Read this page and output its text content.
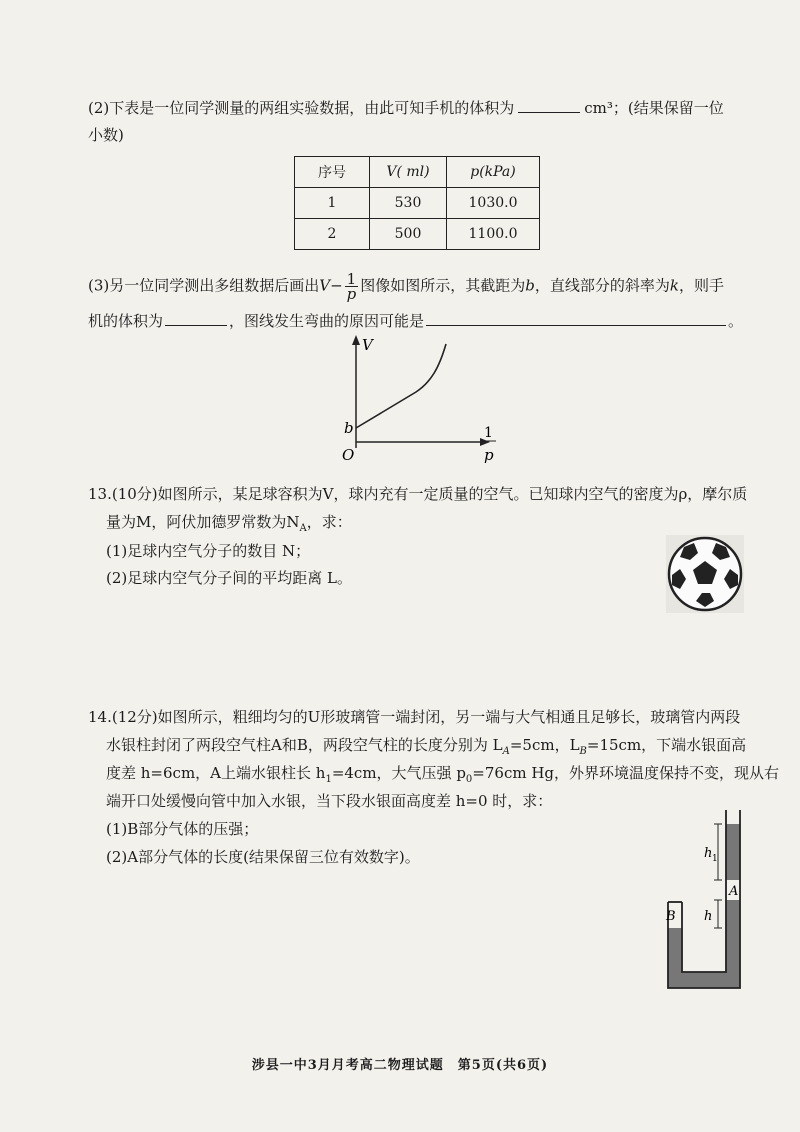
(2)下表是一位同学测量的两组实验数据，由此可知手机的体积为	cm³；(结果保留一位
小数)
序号	V( ml)	p(kPa)
1	530	1030.0
2	500	1100.0
(3)另一位同学测出多组数据后画出$V- \frac{1}{p}$ 图像如图所示，其截距为b，直线部分的斜率为k，则手
机的体积为	，图线发生弯曲的原因可能是	。
V
b
O
1
p
13.(10分)如图所示，某足球容积为V，球内充有一定质量的空气。已知球内空气的密度为ρ，摩尔质
量为M，阿伏加德罗常数为$N_A$，求：
(1)足球内空气分子的数目 N；
(2)足球内空气分子间的平均距离 L。
14.(12分)如图所示，粗细均匀的U形玻璃管一端封闭，另一端与大气相通且足够长，玻璃管内两段
水银柱封闭了两段空气柱A和B，两段空气柱的长度分别为 $L_A=5cm$，$L_B=15cm$，下端水银面高
度差 h=6cm，A上端水银柱长 $h_1=4cm$，大气压强 $p_0=76cm$ Hg，外界环境温度保持不变，现从右
端开口处缓慢向管中加入水银，当下段水银面高度差 h=0 时，求：
(1)B部分气体的压强；
(2)A部分气体的长度(结果保留三位有效数字)。	h 1
A
h
B
涉县一中3月月考高二物理试题　第5页(共6页)
